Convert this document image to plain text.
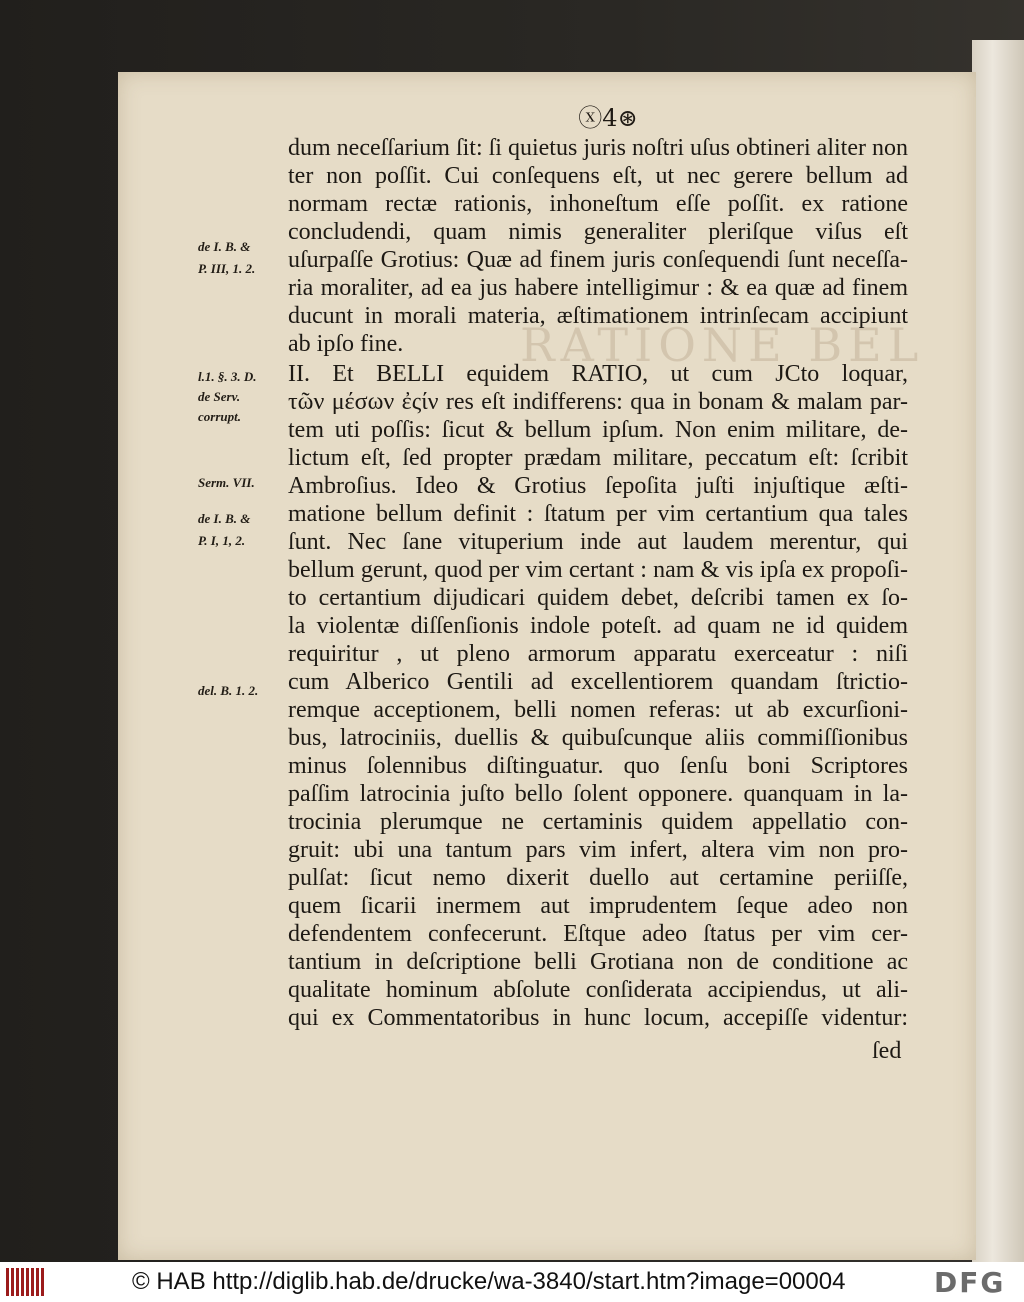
RATIONE BEL
ⓧ4⊛
de I. B. &
P. III, 1. 2.
l.1. §. 3. D.
de Serv.
corrupt.
Serm. VII.
de I. B. &
P. I, 1, 2.
del. B. 1. 2.
dum neceſſarium ſit: ſi quietus juris noſtri uſus obtineri aliter non
ter non poſſit. Cui conſequens eſt, ut nec gerere bellum ad
normam rectæ rationis, inhoneſtum eſſe poſſit. ex ratione
concludendi, quam nimis generaliter pleriſque viſus eſt
uſurpaſſe Grotius: Quæ ad finem juris conſequendi ſunt neceſſa-
ria moraliter, ad ea jus habere intelligimur : & ea quæ ad finem
ducunt in morali materia, æſtimationem intrinſecam accipiunt
ab ipſo fine.
II. Et BELLI equidem RATIO, ut cum JCto loquar,
τῶν μέσων ἐςίν res eſt indifferens: qua in bonam & malam par-
tem uti poſſis: ſicut & bellum ipſum. Non enim militare, de-
lictum eſt, ſed propter prædam militare, peccatum eſt: ſcribit
Ambroſius. Ideo & Grotius ſepoſita juſti injuſtique æſti-
matione bellum definit : ſtatum per vim certantium qua tales
ſunt. Nec ſane vituperium inde aut laudem merentur, qui
bellum gerunt, quod per vim certant : nam & vis ipſa ex propoſi-
to certantium dijudicari quidem debet, deſcribi tamen ex ſo-
la violentæ diſſenſionis indole poteſt. ad quam ne id quidem
requiritur , ut pleno armorum apparatu exerceatur : niſi
cum Alberico Gentili ad excellentiorem quandam ſtrictio-
remque acceptionem, belli nomen referas: ut ab excurſioni-
bus, latrociniis, duellis & quibuſcunque aliis commiſſionibus
minus ſolennibus diſtinguatur. quo ſenſu boni Scriptores
paſſim latrocinia juſto bello ſolent opponere. quanquam in la-
trocinia plerumque ne certaminis quidem appellatio con-
gruit: ubi una tantum pars vim infert, altera vim non pro-
pulſat: ſicut nemo dixerit duello aut certamine periiſſe,
quem ſicarii inermem aut imprudentem ſeque adeo non
defendentem confecerunt. Eſtque adeo ſtatus per vim cer-
tantium in deſcriptione belli Grotiana non de conditione ac
qualitate hominum abſolute conſiderata accipiendus, ut ali-
qui ex Commentatoribus in hunc locum, accepiſſe videntur:
ſed
© HAB http://diglib.hab.de/drucke/wa-3840/start.htm?image=00004	DFG
